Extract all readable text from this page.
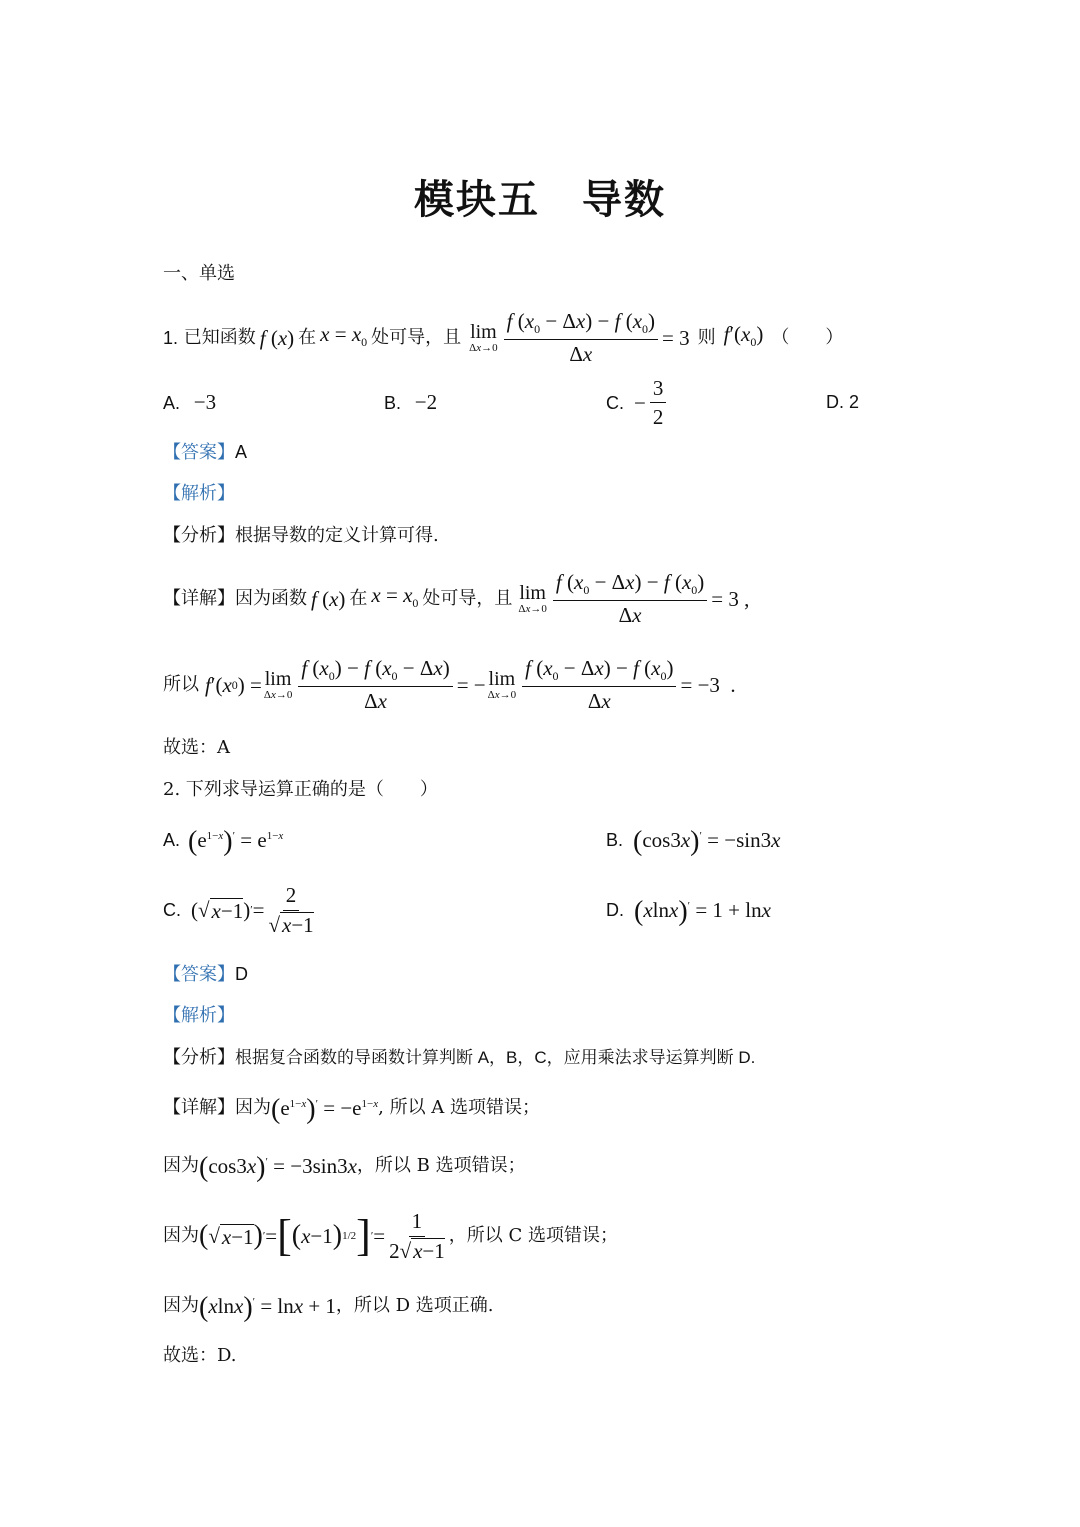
模块五　导数
一、单选
1.
已知函数 f (x) 在 $x = x_0$ 处可导，且 lim
$\Delta x\to 0 \frac{f (x_0 - \Delta x) - f (x_0)}{\Delta x} = 3$ 则 $f'(x_0)$ （　　）
A. −3	B. −2	C. − $\frac{3}{2}$	D. 2
【答案】A
【解析】
【分析】根据导数的定义计算可得.
【详解】 因为函数 f (x) 在 $x = x_0$ 处可导，且 lim
$\Delta x\to 0 \frac{f (x_0 - \Delta x) - f (x_0)}{\Delta x} = 3$ ,
所以 f ′( x 0 ) = lim
$\Delta x\to 0 \frac{f (x_0) - f (x_0 - \Delta x)}{\Delta x}$ = − lim
$\Delta x\to 0 \frac{f (x_0 - \Delta x) - f (x_0)}{\Delta x} = -3$ .
故选：A
2. 下列求导运算正确的是（　　）
A. $(e^{1-x})' = e^{1-x}$	B. (cos3x)′ = −sin3x
C. (√ x−1 ) ′ = $\frac{2}{√x-1}$	D. (xlnx)′ = 1 + lnx
【答案】D
【解析】
【分析】根据复合函数的导函数计算判断 A，B，C，应用乘法求导运算判断 D.
【详解】 因为 $(e^{1-x})' = -e^{1-x}$ , 所以 A 选项错误；
因为 (cos3x)′ = −3sin3x ，所以 B 选项错误；
因为 ( √ x−1 ) ′ = [ ( x −1 ) 1/2 ] ′ = $\frac{1}{2√x-1}$ ，所以 C 选项错误；
因为 (xlnx)′ = lnx + 1 ，所以 D 选项正确.
故选：D.
